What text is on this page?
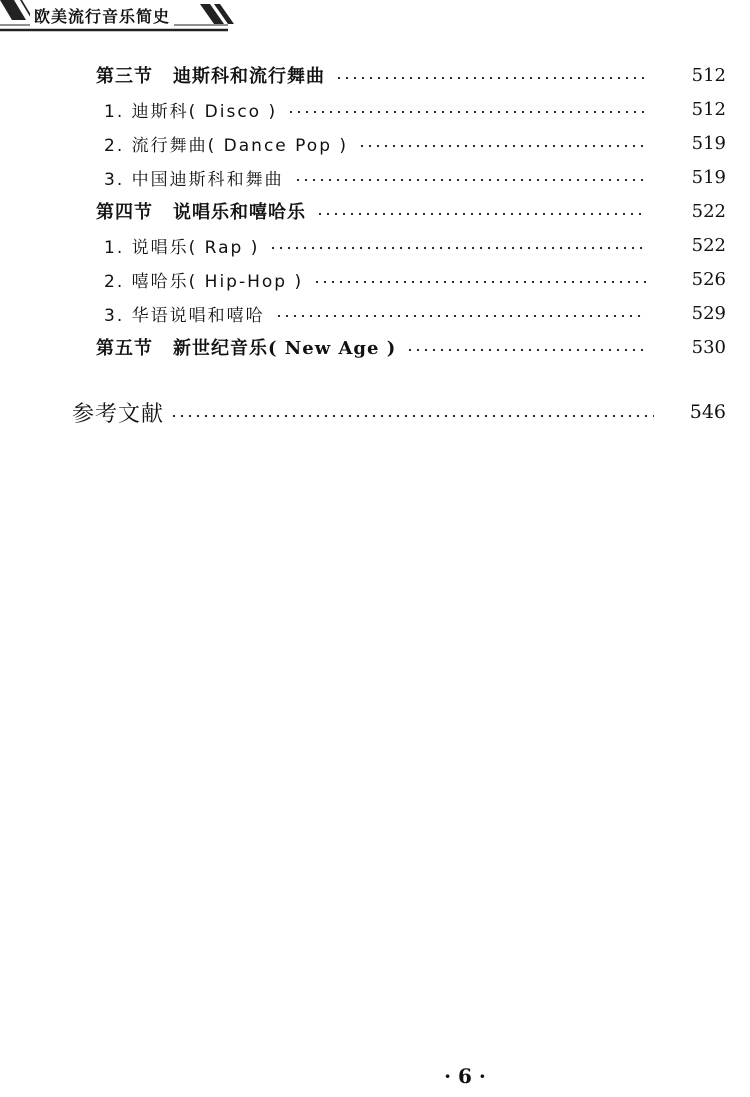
欧美流行音乐简史
第三节 迪斯科和流行舞曲	512
1. 迪斯科( Disco )	512
2. 流行舞曲( Dance Pop )	519
3. 中国迪斯科和舞曲	519
第四节 说唱乐和嘻哈乐	522
1. 说唱乐( Rap )	522
2. 嘻哈乐( Hip-Hop )	526
3. 华语说唱和嘻哈	529
第五节 新世纪音乐( New Age )	530
参考文献	546
· 6 ·
